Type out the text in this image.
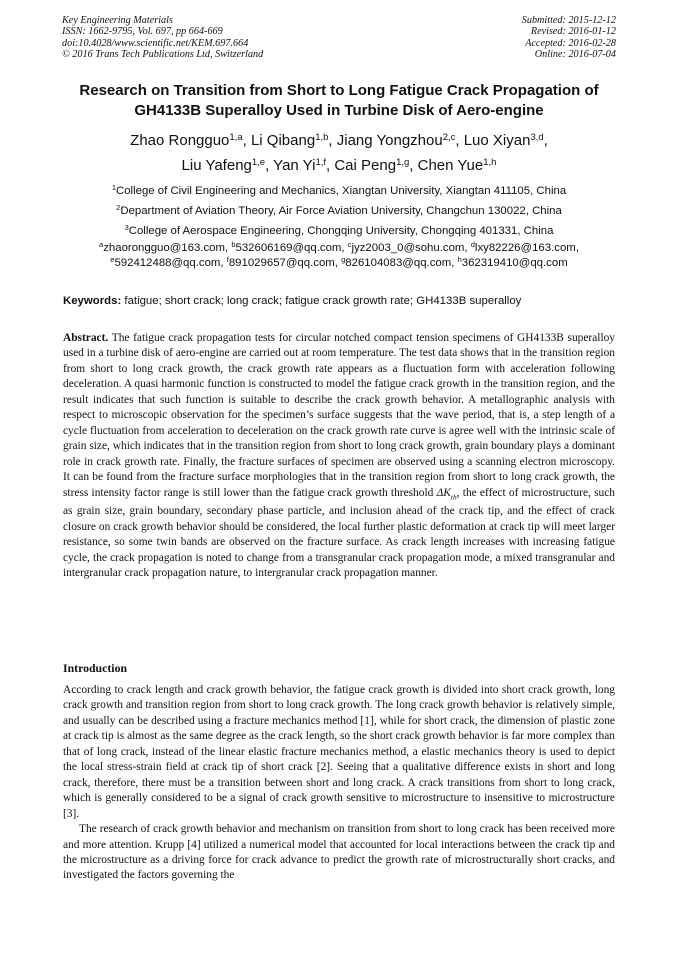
Key Engineering Materials
ISSN: 1662-9795, Vol. 697, pp 664-669
doi:10.4028/www.scientific.net/KEM.697.664
© 2016 Trans Tech Publications Ltd, Switzerland
Submitted: 2015-12-12
Revised: 2016-01-12
Accepted: 2016-02-28
Online: 2016-07-04
Research on Transition from Short to Long Fatigue Crack Propagation of
GH4133B Superalloy Used in Turbine Disk of Aero-engine
Zhao Rongguo$^{1,a}$, Li Qibang$^{1,b}$, Jiang Yongzhou$^{2,c}$, Luo Xiyan$^{3,d}$,
Liu Yafeng$^{1,e}$, Yan Yi$^{1,f}$, Cai Peng$^{1,g}$, Chen Yue$^{1,h}$
$^1$College of Civil Engineering and Mechanics, Xiangtan University, Xiangtan 411105, China
$^2$Department of Aviation Theory, Air Force Aviation University, Changchun 130022, China
$^3$College of Aerospace Engineering, Chongqing University, Chongqing 401331, China
$^a$zhaorongguo@163.com, $^b$532606169@qq.com, $^c$jyz2003_0@sohu.com, $^d$lxy82226@163.com,
$^e$592412488@qq.com, $^f$891029657@qq.com, $^g$826104083@qq.com, $^h$362319410@qq.com
Keywords: fatigue; short crack; long crack; fatigue crack growth rate; GH4133B superalloy
Abstract. The fatigue crack propagation tests for circular notched compact tension specimens of GH4133B superalloy used in a turbine disk of aero-engine are carried out at room temperature. The test data shows that in the transition region from short to long crack growth, the crack growth rate appears as a fluctuation form with acceleration following deceleration. A quasi harmonic function is constructed to model the fatigue crack growth in the transition region, and the result indicates that such function is suitable to describe the crack growth behavior. A metallographic analysis with respect to microscopic observation for the specimen’s surface suggests that the wave period, that is, a step length of a cycle fluctuation from acceleration to deceleration on the crack growth rate curve is agree well with the intrinsic scale of grain size, which indicates that in the transition region from short to long crack growth, grain boundary plays a dominant role in crack growth rate. Finally, the fracture surfaces of specimen are observed using a scanning electron microscopy. It can be found from the fracture surface morphologies that in the transition region from short to long crack growth, the stress intensity factor range is still lower than the fatigue crack growth threshold $\Delta K_{th}$, the effect of microstructure, such as grain size, grain boundary, secondary phase particle, and inclusion ahead of the crack tip, and the effect of crack closure on crack growth behavior should be considered, the local further plastic deformation at crack tip will meet larger resistance, so some twin bands are observed on the fracture surface. As crack length increases with increasing fatigue cycle, the crack propagation is noted to change from a transgranular crack propagation mode, a mixed transgranular and intergranular crack propagation nature, to intergranular crack propagation manner.
Introduction

According to crack length and crack growth behavior, the fatigue crack growth is divided into short crack growth, long crack growth and transition region from short to long crack growth. The long crack growth behavior is relatively simple, and usually can be described using a fracture mechanics method [1], while for short crack, the dimension of plastic zone at crack tip is almost as the same degree as the crack length, so the short crack growth behavior is far more complex than that of long crack, instead of the linear elastic fracture mechanics method, a elastic mechanics theory is used to depict the local stress-strain field at crack tip of short crack [2]. Seeing that a qualitative difference exists in short and long crack, therefore, there must be a transition between short and long crack. A crack transitions from short to long crack, which is generally considered to be a signal of crack growth sensitive to microstructure to insensitive to microstructure [3].

The research of crack growth behavior and mechanism on transition from short to long crack has been received more and more attention. Krupp [4] utilized a numerical model that accounted for local interactions between the crack tip and the microstructure as a driving force for crack advance to predict the growth rate of microstructurally short cracks, and investigated the factors governing the
